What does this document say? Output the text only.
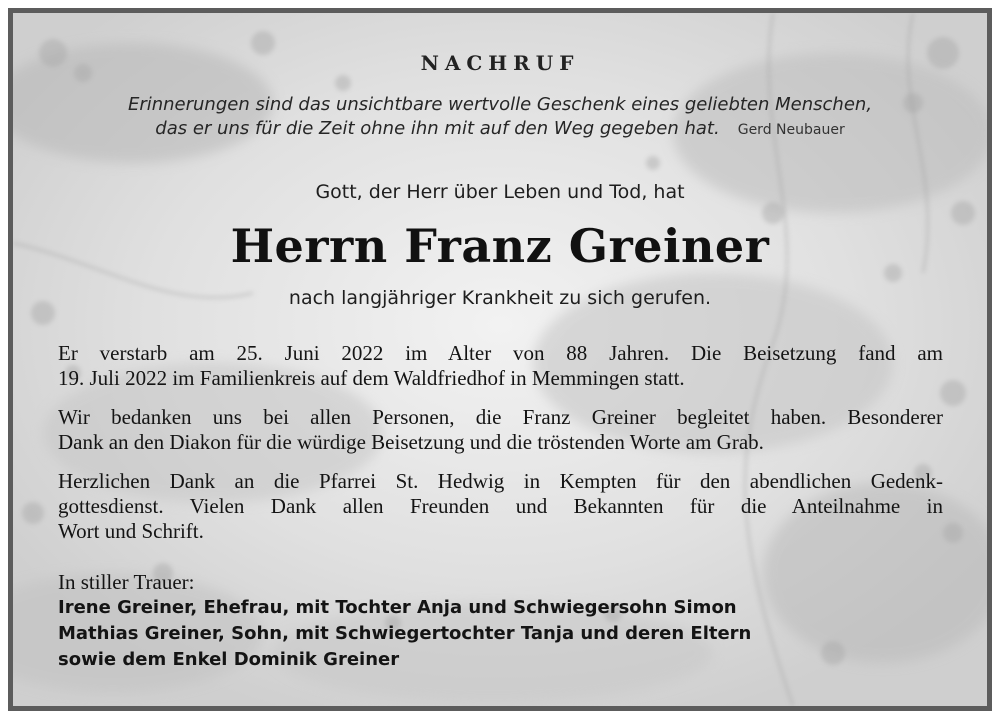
NACHRUF
Erinnerungen sind das unsichtbare wertvolle Geschenk eines geliebten Menschen,
das er uns für die Zeit ohne ihn mit auf den Weg gegeben hat. Gerd Neubauer
Gott, der Herr über Leben und Tod, hat
Herrn Franz Greiner
nach langjähriger Krankheit zu sich gerufen.
Er verstarb am 25. Juni 2022 im Alter von 88 Jahren. Die Beisetzung fand am
19. Juli 2022 im Familienkreis auf dem Waldfriedhof in Memmingen statt.
Wir bedanken uns bei allen Personen, die Franz Greiner begleitet haben. Besonderer
Dank an den Diakon für die würdige Beisetzung und die tröstenden Worte am Grab.
Herzlichen Dank an die Pfarrei St. Hedwig in Kempten für den abendlichen Gedenk-
gottesdienst. Vielen Dank allen Freunden und Bekannten für die Anteilnahme in
Wort und Schrift.
In stiller Trauer:
Irene Greiner, Ehefrau, mit Tochter Anja und Schwiegersohn Simon
Mathias Greiner, Sohn, mit Schwiegertochter Tanja und deren Eltern
sowie dem Enkel Dominik Greiner
